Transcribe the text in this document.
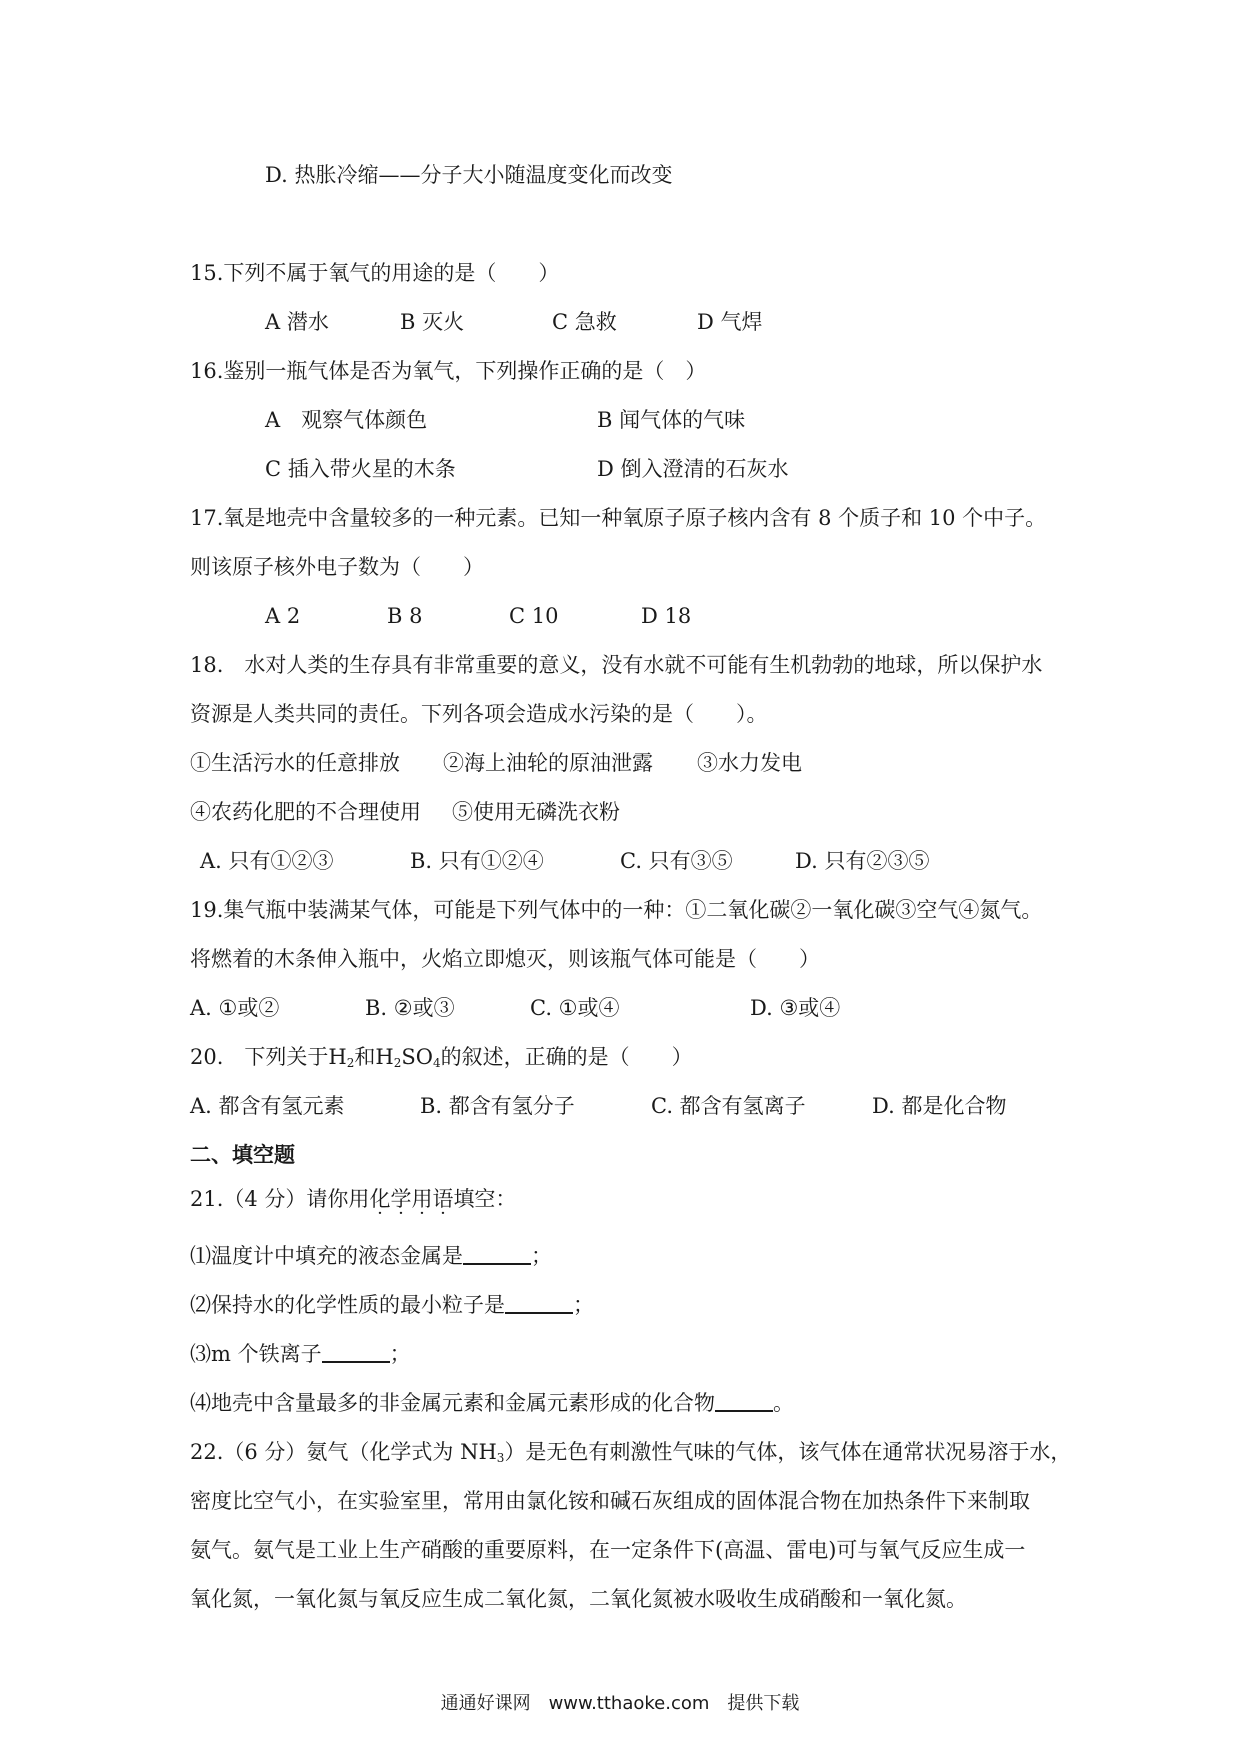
D. 热胀冷缩——分子大小随温度变化而改变
15.下列不属于氧气的用途的是（　　）
A 潜水	B 灭火	C 急救	D 气焊
16.鉴别一瓶气体是否为氧气，下列操作正确的是（　）
A　观察气体颜色	B 闻气体的气味
C 插入带火星的木条	D 倒入澄清的石灰水
17.氧是地壳中含量较多的一种元素。已知一种氧原子原子核内含有 8 个质子和 10 个中子。
则该原子核外电子数为（　　）
A 2	B 8	C 10	D 18
18.　水对人类的生存具有非常重要的意义，没有水就不可能有生机勃勃的地球，所以保护水
资源是人类共同的责任。下列各项会造成水污染的是（　　）。
①生活污水的任意排放 ②海上油轮的原油泄露 ③水力发电
④农药化肥的不合理使用 ⑤使用无磷洗衣粉
A. 只有①②③	B. 只有①②④	C. 只有③⑤	D. 只有②③⑤
19.集气瓶中装满某气体，可能是下列气体中的一种：①二氧化碳②一氧化碳③空气④氮气。
将燃着的木条伸入瓶中，火焰立即熄灭，则该瓶气体可能是（　　）
A. ①或②	B. ②或③	C. ①或④	D. ③或④
20.　下列关于$H_2$和$H_2SO_4$的叙述，正确的是（　　）
A. 都含有氢元素	B. 都含有氢分子	C. 都含有氢离子	D. 都是化合物
二、填空题
21.（4 分）请你用化学用语填空：
⑴温度计中填充的液态金属是	；
⑵保持水的化学性质的最小粒子是	；
⑶m 个铁离子	；
⑷地壳中含量最多的非金属元素和金属元素形成的化合物	。
22.（6 分）氨气（化学式为 $NH_3$）是无色有刺激性气味的气体，该气体在通常状况易溶于水，
密度比空气小，在实验室里，常用由氯化铵和碱石灰组成的固体混合物在加热条件下来制取
氨气。氨气是工业上生产硝酸的重要原料，在一定条件下(高温、雷电)可与氧气反应生成一
氧化氮，一氧化氮与氧反应生成二氧化氮，二氧化氮被水吸收生成硝酸和一氧化氮。
通通好课网　www.tthaoke.com　提供下载
